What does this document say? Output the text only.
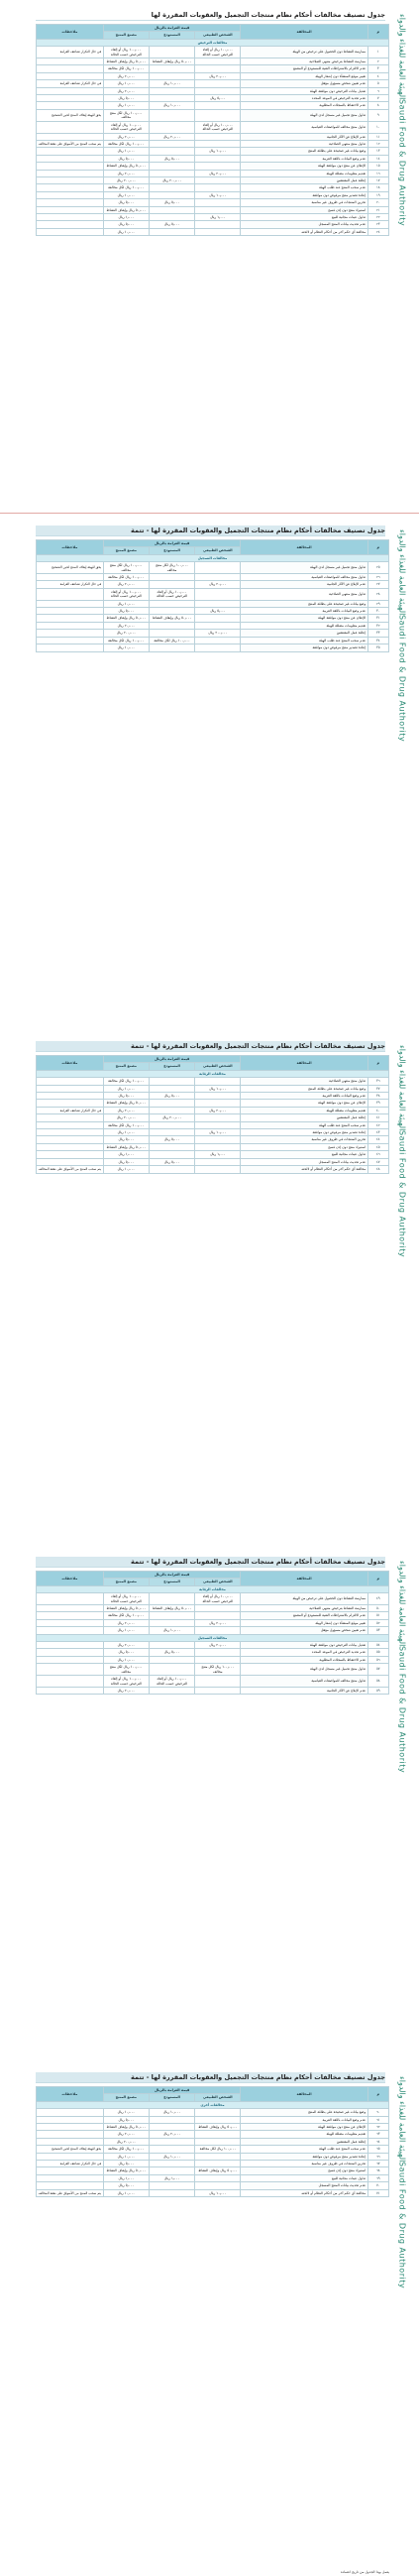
الهيئة العامة للغذاء والدواء
Saudi Food & Drug Authority
جدول تصنيف مخالفات أحكام نظام منتجات التجميل والعقوبات المقررة لها
م	المخالفة	قيمة الغرامة بالريال			ملاحظات
		الشخص الطبيعي	المستودع	مصنع المنتج	
مخالفات الترخيص					
١	ممارسة النشاط دون الحصول على ترخيص من الهيئة	١٠٠٫٠٠٠ ريال أو إلغاء الترخيص حسب الحالة		١٠٠٫٠٠٠ ريال أو إلغاء الترخيص حسب الحالة	في حال التكرار تضاعف الغرامة
٢	ممارسة النشاط بترخيص منتهي الصلاحية		٥٠٫٠٠٠ ريال وإيقاف النشاط	٥٠٫٠٠٠ ريال وإيقاف النشاط	
٣	عدم الالتزام بالاشتراطات الفنية للمستودع أو المصنع			١٠٠٫٠٠٠ ريال لكل مخالفة	
٤	تغيير موقع المنشأة دون إشعار الهيئة	٢٠٫٠٠٠ ريال		٢٠٫٠٠٠ ريال	
٥	عدم تعيين شخص مسؤول مؤهل		١٠٫٠٠٠ ريال	١٠٫٠٠٠ ريال	في حال التكرار تضاعف الغرامة
٦	تعديل بيانات الترخيص دون موافقة الهيئة			٢٠٫٠٠٠ ريال	
٧	عدم تجديد الترخيص في الموعد المحدد	٥٫٠٠٠ ريال		٥٫٠٠٠ ريال	
٨	عدم الاحتفاظ بالسجلات المطلوبة		١٠٫٠٠٠ ريال	١٠٫٠٠٠ ريال	
٩	تداول منتج تجميل غير مسجل لدى الهيئة			١٠٠٫٠٠٠ ريال لكل منتج مخالف	يحق للهيئة إيقاف المنتج لحين التصحيح
١٠	تداول منتج مخالف للمواصفات القياسية	١٠٠٫٠٠٠ ريال أو إلغاء الترخيص حسب الحالة		١٠٠٫٠٠٠ ريال أو إلغاء الترخيص حسب الحالة	
١١	عدم الإبلاغ عن الآثار الجانبية		٢٠٫٠٠٠ ريال	٢٠٫٠٠٠ ريال	
١٢	تداول منتج منتهي الصلاحية			١٠٠٫٠٠٠ ريال لكل مخالفة	يتم سحب المنتج من الأسواق على نفقة المخالف
١٣	وضع بيانات غير صحيحة على بطاقة المنتج	١٠٫٠٠٠ ريال		١٠٫٠٠٠ ريال	
١٤	عدم وضع البيانات باللغة العربية		٥٫٠٠٠ ريال	٥٫٠٠٠ ريال	
١٥	الإعلان عن منتج دون موافقة الهيئة			٥٠٫٠٠٠ ريال وإيقاف النشاط	
١٦	تقديم معلومات مضللة للهيئة	٢٠٫٠٠٠ ريال		٢٠٫٠٠٠ ريال	
١٧	إعاقة عمل المفتشين		٢٠٠٫٠٠٠ ريال	٢٠٠٫٠٠٠ ريال	
١٨	عدم سحب المنتج عند طلب الهيئة			١٠٠٫٠٠٠ ريال لكل مخالفة	
١٩	إعادة تصدير منتج مرفوض دون موافقة	١٠٫٠٠٠ ريال		١٠٫٠٠٠ ريال	
٢٠	تخزين المنتجات في ظروف غير مناسبة		٥٫٠٠٠ ريال	٥٫٠٠٠ ريال	
٢١	استيراد منتج دون إذن فسح			٥٠٫٠٠٠ ريال وإيقاف النشاط	
٢٢	تداول عينات مجانية للبيع	١٫٠٠٠ ريال		١٫٠٠٠ ريال	
٢٣	عدم تحديث بيانات المنتج المسجل		٥٫٠٠٠ ريال	٥٫٠٠٠ ريال	
٢٤	مخالفة أي حكم آخر من أحكام النظام أو لائحته			١٠٫٠٠٠ ريال	
الهيئة العامة للغذاء والدواء
Saudi Food & Drug Authority
جدول تصنيف مخالفات أحكام نظام منتجات التجميل والعقوبات المقررة لها - تتمة
م	المخالفة	قيمة الغرامة بالريال			ملاحظات
		الشخص الطبيعي	المستودع	مصنع المنتج	
مخالفات التسجيل					
٢٥	تداول منتج تجميل غير مسجل لدى الهيئة		١٠٠٫٠٠٠ ريال لكل منتج مخالف	١٠٠٫٠٠٠ ريال لكل منتج مخالف	يحق للهيئة إيقاف المنتج لحين التصحيح
٢٦	تداول منتج مخالف للمواصفات القياسية			١٠٠٫٠٠٠ ريال لكل مخالفة	
٢٧	عدم الإبلاغ عن الآثار الجانبية	٢٠٫٠٠٠ ريال		٢٠٫٠٠٠ ريال	في حال التكرار تضاعف الغرامة
٢٨	تداول منتج منتهي الصلاحية		١٠٠٫٠٠٠ ريال أو إلغاء الترخيص حسب الحالة	١٠٠٫٠٠٠ ريال أو إلغاء الترخيص حسب الحالة	
٢٩	وضع بيانات غير صحيحة على بطاقة المنتج			١٠٫٠٠٠ ريال	
٣٠	عدم وضع البيانات باللغة العربية	٥٫٠٠٠ ريال		٥٫٠٠٠ ريال	
٣١	الإعلان عن منتج دون موافقة الهيئة		٥٠٫٠٠٠ ريال وإيقاف النشاط	٥٠٫٠٠٠ ريال وإيقاف النشاط	
٣٢	تقديم معلومات مضللة للهيئة			٢٠٫٠٠٠ ريال	
٣٣	إعاقة عمل المفتشين	٢٠٠٫٠٠٠ ريال		٢٠٠٫٠٠٠ ريال	
٣٤	عدم سحب المنتج عند طلب الهيئة		١٠٠٫٠٠٠ ريال لكل مخالفة	١٠٠٫٠٠٠ ريال لكل مخالفة	
٣٥	إعادة تصدير منتج مرفوض دون موافقة			١٠٫٠٠٠ ريال	
الهيئة العامة للغذاء والدواء
Saudi Food & Drug Authority
جدول تصنيف مخالفات أحكام نظام منتجات التجميل والعقوبات المقررة لها - تتمة
م	المخالفة	قيمة الغرامة بالريال			ملاحظات
		الشخص الطبيعي	المستودع	مصنع المنتج	
مخالفات الرقابة					
٣٦	تداول منتج منتهي الصلاحية			١٠٠٫٠٠٠ ريال لكل مخالفة	
٣٧	وضع بيانات غير صحيحة على بطاقة المنتج	١٠٫٠٠٠ ريال		١٠٫٠٠٠ ريال	
٣٨	عدم وضع البيانات باللغة العربية		٥٫٠٠٠ ريال	٥٫٠٠٠ ريال	
٣٩	الإعلان عن منتج دون موافقة الهيئة			٥٠٫٠٠٠ ريال وإيقاف النشاط	
٤٠	تقديم معلومات مضللة للهيئة	٢٠٫٠٠٠ ريال		٢٠٫٠٠٠ ريال	في حال التكرار تضاعف الغرامة
٤١	إعاقة عمل المفتشين		٢٠٠٫٠٠٠ ريال	٢٠٠٫٠٠٠ ريال	
٤٢	عدم سحب المنتج عند طلب الهيئة			١٠٠٫٠٠٠ ريال لكل مخالفة	
٤٣	إعادة تصدير منتج مرفوض دون موافقة	١٠٫٠٠٠ ريال		١٠٫٠٠٠ ريال	
٤٤	تخزين المنتجات في ظروف غير مناسبة		٥٫٠٠٠ ريال	٥٫٠٠٠ ريال	
٤٥	استيراد منتج دون إذن فسح			٥٠٫٠٠٠ ريال وإيقاف النشاط	
٤٦	تداول عينات مجانية للبيع	١٫٠٠٠ ريال		١٫٠٠٠ ريال	
٤٧	عدم تحديث بيانات المنتج المسجل		٥٫٠٠٠ ريال	٥٫٠٠٠ ريال	
٤٨	مخالفة أي حكم آخر من أحكام النظام أو لائحته			١٠٫٠٠٠ ريال	يتم سحب المنتج من الأسواق على نفقة المخالف
الهيئة العامة للغذاء والدواء
Saudi Food & Drug Authority
جدول تصنيف مخالفات أحكام نظام منتجات التجميل والعقوبات المقررة لها - تتمة
م	المخالفة	قيمة الغرامة بالريال			ملاحظات
		الشخص الطبيعي	المستودع	مصنع المنتج	
مخالفات الرقابة					
٤٩	ممارسة النشاط دون الحصول على ترخيص من الهيئة	١٠٠٫٠٠٠ ريال أو إلغاء الترخيص حسب الحالة		١٠٠٫٠٠٠ ريال أو إلغاء الترخيص حسب الحالة	
٥٠	ممارسة النشاط بترخيص منتهي الصلاحية		٥٠٫٠٠٠ ريال وإيقاف النشاط	٥٠٫٠٠٠ ريال وإيقاف النشاط	
٥١	عدم الالتزام بالاشتراطات الفنية للمستودع أو المصنع			١٠٠٫٠٠٠ ريال لكل مخالفة	
٥٢	تغيير موقع المنشأة دون إشعار الهيئة	٢٠٫٠٠٠ ريال		٢٠٫٠٠٠ ريال	
٥٣	عدم تعيين شخص مسؤول مؤهل		١٠٫٠٠٠ ريال	١٠٫٠٠٠ ريال	
مخالفات التسجيل					
٥٤	تعديل بيانات الترخيص دون موافقة الهيئة	٢٠٫٠٠٠ ريال		٢٠٫٠٠٠ ريال	
٥٥	عدم تجديد الترخيص في الموعد المحدد		٥٫٠٠٠ ريال	٥٫٠٠٠ ريال	
٥٦	عدم الاحتفاظ بالسجلات المطلوبة			١٠٫٠٠٠ ريال	
٥٧	تداول منتج تجميل غير مسجل لدى الهيئة	١٠٠٫٠٠٠ ريال لكل منتج مخالف		١٠٠٫٠٠٠ ريال لكل منتج مخالف	
٥٨	تداول منتج مخالف للمواصفات القياسية		١٠٠٫٠٠٠ ريال أو إلغاء الترخيص حسب الحالة	١٠٠٫٠٠٠ ريال أو إلغاء الترخيص حسب الحالة	
٥٩	عدم الإبلاغ عن الآثار الجانبية			٢٠٫٠٠٠ ريال	
الهيئة العامة للغذاء والدواء
Saudi Food & Drug Authority
جدول تصنيف مخالفات أحكام نظام منتجات التجميل والعقوبات المقررة لها - تتمة
م	المخالفة	قيمة الغرامة بالريال			ملاحظات
		الشخص الطبيعي	المستودع	مصنع المنتج	
مخالفات أخرى					
٦٠	وضع بيانات غير صحيحة على بطاقة المنتج		١٠٫٠٠٠ ريال	١٠٫٠٠٠ ريال	
٦١	عدم وضع البيانات باللغة العربية			٥٫٠٠٠ ريال	
٦٢	الإعلان عن منتج دون موافقة الهيئة	٥٠٫٠٠٠ ريال وإيقاف النشاط		٥٠٫٠٠٠ ريال وإيقاف النشاط	
٦٣	تقديم معلومات مضللة للهيئة		٢٠٫٠٠٠ ريال	٢٠٫٠٠٠ ريال	
٦٤	إعاقة عمل المفتشين			٢٠٠٫٠٠٠ ريال	
٦٥	عدم سحب المنتج عند طلب الهيئة	١٠٠٫٠٠٠ ريال لكل مخالفة		١٠٠٫٠٠٠ ريال لكل مخالفة	يحق للهيئة إيقاف المنتج لحين التصحيح
٦٦	إعادة تصدير منتج مرفوض دون موافقة		١٠٫٠٠٠ ريال	١٠٫٠٠٠ ريال	
٦٧	تخزين المنتجات في ظروف غير مناسبة			٥٫٠٠٠ ريال	في حال التكرار تضاعف الغرامة
٦٨	استيراد منتج دون إذن فسح	٥٠٫٠٠٠ ريال وإيقاف النشاط		٥٠٫٠٠٠ ريال وإيقاف النشاط	
٦٩	تداول عينات مجانية للبيع		١٫٠٠٠ ريال	١٫٠٠٠ ريال	
٧٠	عدم تحديث بيانات المنتج المسجل			٥٫٠٠٠ ريال	
٧١	مخالفة أي حكم آخر من أحكام النظام أو لائحته	١٠٫٠٠٠ ريال		١٠٫٠٠٠ ريال	يتم سحب المنتج من الأسواق على نفقة المخالف
يعمل بهذا الجدول من تاريخ اعتماده
